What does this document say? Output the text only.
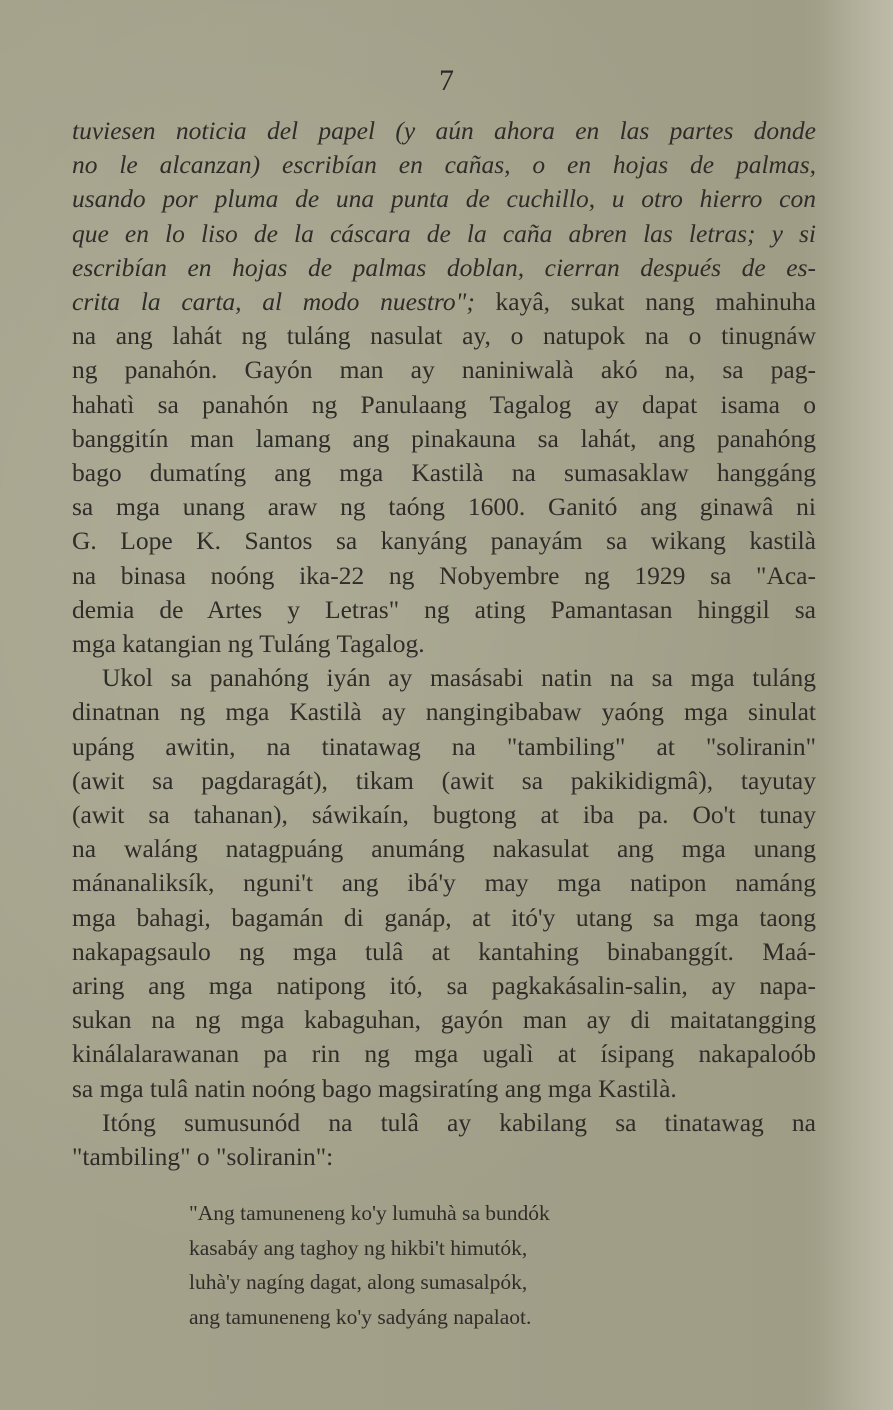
7
tuviesen noticia del papel (y aún ahora en las partes donde
no le alcanzan) escribían en cañas, o en hojas de palmas,
usando por pluma de una punta de cuchillo, u otro hierro con
que en lo liso de la cáscara de la caña abren las letras; y si
escribían en hojas de palmas doblan, cierran después de es-
crita la carta, al modo nuestro"; kayâ, sukat nang mahinuha
na ang lahát ng tuláng nasulat ay, o natupok na o tinugnáw
ng panahón. Gayón man ay naniniwalà akó na, sa pag-
hahatì sa panahón ng Panulaang Tagalog ay dapat isama o
banggitín man lamang ang pinakauna sa lahát, ang panahóng
bago dumatíng ang mga Kastilà na sumasaklaw hanggáng
sa mga unang araw ng taóng 1600. Ganitó ang ginawâ ni
G. Lope K. Santos sa kanyáng panayám sa wikang kastilà
na binasa noóng ika-22 ng Nobyembre ng 1929 sa "Aca-
demia de Artes y Letras" ng ating Pamantasan hinggil sa
mga katangian ng Tuláng Tagalog.
Ukol sa panahóng iyán ay masásabi natin na sa mga tuláng
dinatnan ng mga Kastilà ay nangingibabaw yaóng mga sinulat
upáng awitin, na tinatawag na "tambiling" at "soliranin"
(awit sa pagdaragát), tikam (awit sa pakikidigmâ), tayutay
(awit sa tahanan), sáwikaín, bugtong at iba pa. Oo't tunay
na waláng natagpuáng anumáng nakasulat ang mga unang
mánanaliksík, nguni't ang ibá'y may mga natipon namáng
mga bahagi, bagamán di ganáp, at itó'y utang sa mga taong
nakapagsaulo ng mga tulâ at kantahing binabanggít. Maá-
aring ang mga natipong itó, sa pagkakásalin-salin, ay napa-
sukan na ng mga kabaguhan, gayón man ay di maitatangging
kinálalarawanan pa rin ng mga ugalì at ísipang nakapaloób
sa mga tulâ natin noóng bago magsiratíng ang mga Kastilà.
Itóng sumusunód na tulâ ay kabilang sa tinatawag na
"tambiling" o "soliranin":
"Ang tamuneneng ko'y lumuhà sa bundók
kasabáy ang taghoy ng hikbi't himutók,
luhà'y nagíng dagat, along sumasalpók,
ang tamuneneng ko'y sadyáng napalaot.
